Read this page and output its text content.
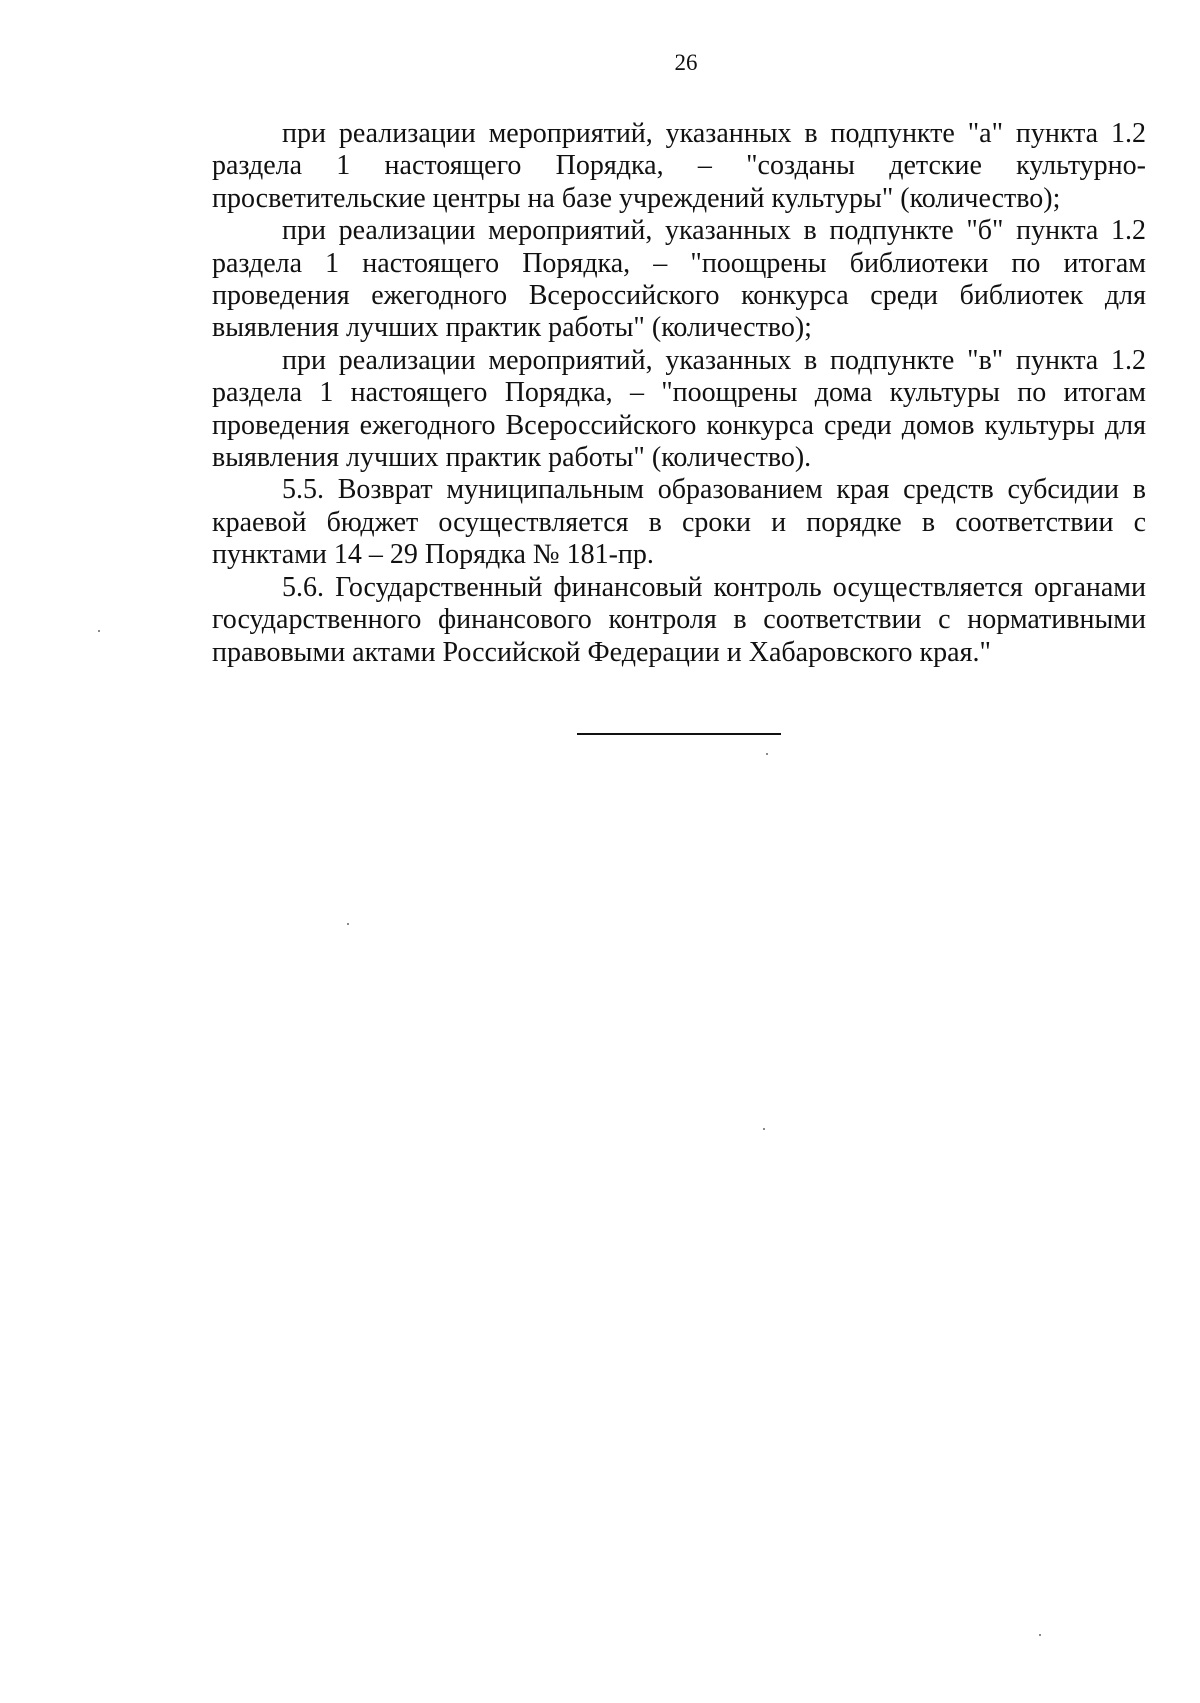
26

при реализации мероприятий, указанных в подпункте "а" пункта 1.2 раздела 1 настоящего Порядка, – "созданы детские культурно-просветительские центры на базе учреждений культуры" (количество);

при реализации мероприятий, указанных в подпункте "б" пункта 1.2 раздела 1 настоящего Порядка, – "поощрены библиотеки по итогам проведения ежегодного Всероссийского конкурса среди библиотек для выявления лучших практик работы" (количество);

при реализации мероприятий, указанных в подпункте "в" пункта 1.2 раздела 1 настоящего Порядка, – "поощрены дома культуры по итогам проведения ежегодного Всероссийского конкурса среди домов культуры для выявления лучших практик работы" (количество).

5.5. Возврат муниципальным образованием края средств субсидии в краевой бюджет осуществляется в сроки и порядке в соответствии с пунктами 14 – 29 Порядка № 181-пр.

5.6. Государственный финансовый контроль осуществляется органами государственного финансового контроля в соответствии с нормативными правовыми актами Российской Федерации и Хабаровского края."
